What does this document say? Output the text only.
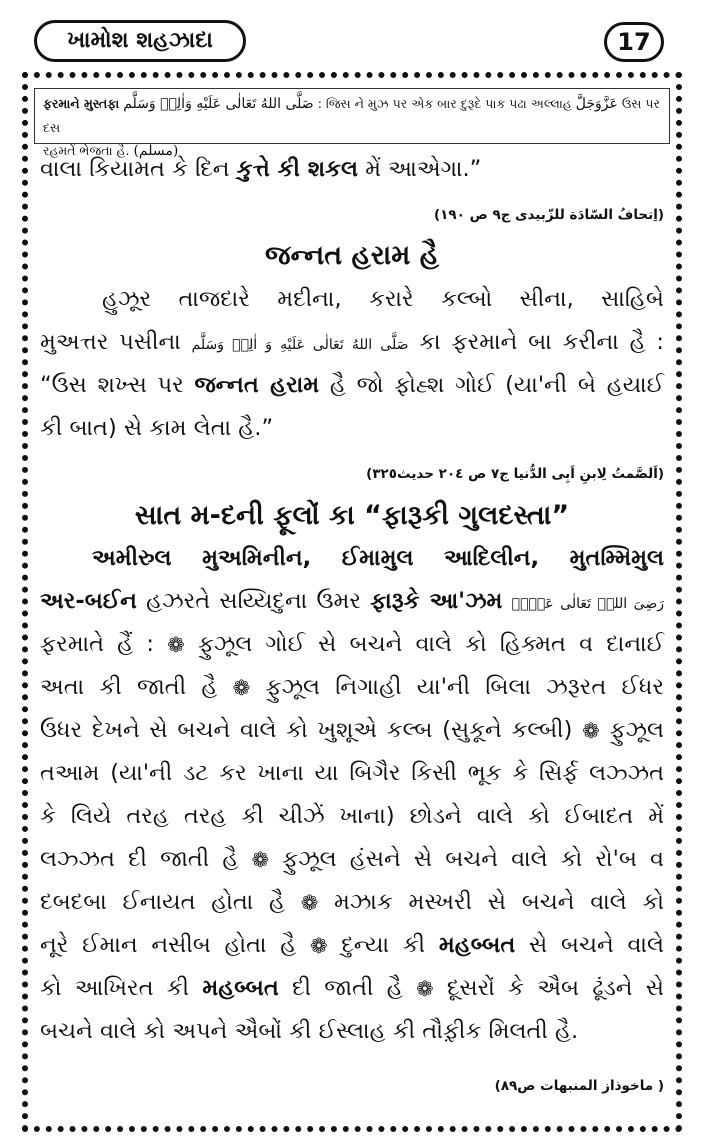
ખામોશ શહઝાદા	17
ફરમાને મુસ્તફા صَلَّى اللهُ تَعَالٰى عَلَيْهِ وَاٰلِهٖ وَسَلَّم : જિસ ને મુઝ પર એક બાર દુરૂદે પાક પઢા અલ્લાહ عَزَّوَجَلَّ ઉસ પર દસ
રહમતેં ભેજતા હૈ. (مسلم)
વાલા કિયામત કે દિન કુત્તે કી શકલ મેં આએગા.”
(اِتحافُ السّادَة للزّبيدى ج٩ ص ١٩٠)
જન્નત હરામ હૈ
હુઝૂર તાજદારે મદીના, કરારે કલ્બો સીના, સાહિબે
મુઅત્તર પસીના صَلَّى اللهُ تَعَالٰى عَلَيْهِ وَ اٰلِهٖ وَسَلَّم કા ફરમાને બા કરીના હૈ :
“ઉસ શખ્સ પર જન્નત હરામ હૈ જો ફોહ્શ ગોઈ (યા'ની બે હયાઈ
કી બાત) સે કામ લેતા હૈ.”
(اَلصَّمتُ لِابنِ اَبِى الدُّنيا ج٧ ص ٢٠٤ حديث٣٢٥)
સાત મ-દની ફૂલોં કા “ફારૂકી ગુલદસ્તા”
અમીરુલ મુઅમિનીન, ઈમામુલ આદિલીન, મુતમ્મિમુલ
અર-બઈન હઝરતે સય્યિદુના ઉમર ફારૂકે આ'ઝમ رَضِیَ اللہُ تَعَالٰی عَنۡہُ
ફરમાતે હૈં : ❁ ફુઝૂલ ગોઈ સે બચને વાલે કો હિક્મત વ દાનાઈ
અતા કી જાતી હૈ ❁ ફુઝૂલ નિગાહી યા'ની બિલા ઝરૂરત ઈધર
ઉધર દેખને સે બચને વાલે કો ખુશૂએ કલ્બ (સુકૂને કલ્બી) ❁ ફુઝૂલ
તઆમ (યા'ની ડટ કર ખાના યા બિગૈર કિસી ભૂક કે સિર્ફ લઝ્ઝત
કે લિયે તરહ તરહ કી ચીઝેં ખાના) છોડને વાલે કો ઈબાદત મેં
લઝ્ઝત દી જાતી હૈ ❁ ફુઝૂલ હંસને સે બચને વાલે કો રો'બ વ
દબદબા ઈનાયત હોતા હૈ ❁ મઝાક મસ્ખરી સે બચને વાલે કો
નૂરે ઈમાન નસીબ હોતા હૈ ❁ દુન્યા કી મહબ્બત સે બચને વાલે
કો આખિરત કી મહબ્બત દી જાતી હૈ ❁ દૂસરોં કે ઐબ ઢૂંડને સે
બચને વાલે કો અપને ઐબોં કી ઈસ્લાહ કી તૌફ઼ીક મિલતી હૈ.
( ماخوذاز المنبهات ص٨٩)
